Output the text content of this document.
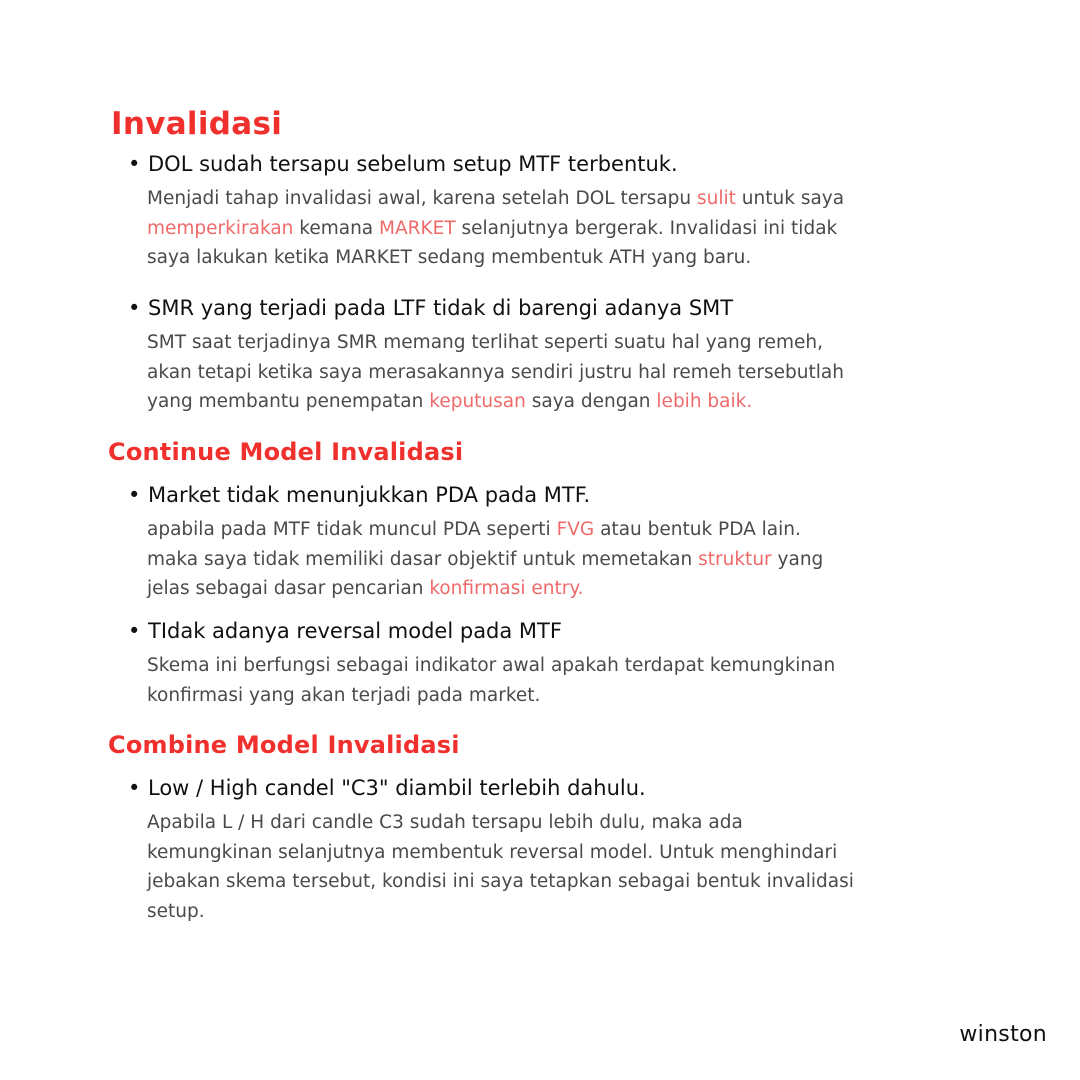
Invalidasi
• DOL sudah tersapu sebelum setup MTF terbentuk.
Menjadi tahap invalidasi awal, karena setelah DOL tersapu sulit untuk saya
memperkirakan kemana MARKET selanjutnya bergerak. Invalidasi ini tidak
saya lakukan ketika MARKET sedang membentuk ATH yang baru.
• SMR yang terjadi pada LTF tidak di barengi adanya SMT
SMT saat terjadinya SMR memang terlihat seperti suatu hal yang remeh,
akan tetapi ketika saya merasakannya sendiri justru hal remeh tersebutlah
yang membantu penempatan keputusan saya dengan lebih baik.
Continue Model Invalidasi
• Market tidak menunjukkan PDA pada MTF.
apabila pada MTF tidak muncul PDA seperti FVG atau bentuk PDA lain.
maka saya tidak memiliki dasar objektif untuk memetakan struktur yang
jelas sebagai dasar pencarian konfirmasi entry.
• TIdak adanya reversal model pada MTF
Skema ini berfungsi sebagai indikator awal apakah terdapat kemungkinan
konfirmasi yang akan terjadi pada market.
Combine Model Invalidasi
• Low / High candel "C3" diambil terlebih dahulu.
Apabila L / H dari candle C3 sudah tersapu lebih dulu, maka ada
kemungkinan selanjutnya membentuk reversal model. Untuk menghindari
jebakan skema tersebut, kondisi ini saya tetapkan sebagai bentuk invalidasi
setup.
winston
